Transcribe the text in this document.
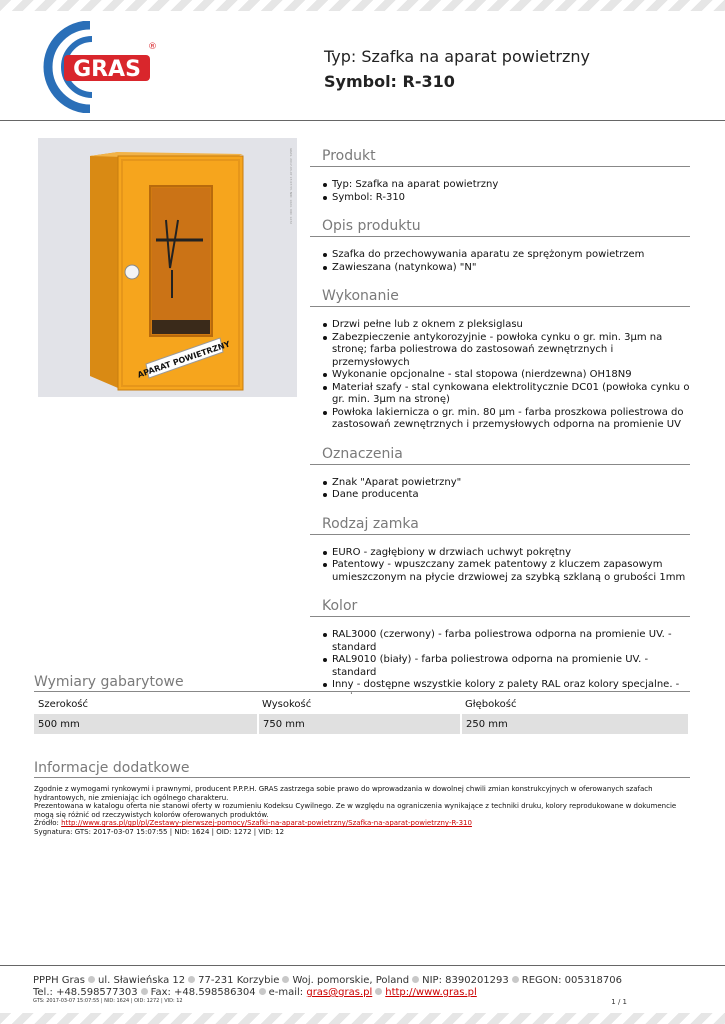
GRAS
®	Typ: Szafka na aparat powietrzny
Symbol: R-310
APARAT POWIETRZNY
GRAS. 2017-03-07 15:07:55. NID: 1624. OID: 1272	Produkt
Typ: Szafka na aparat powietrzny
Symbol: R-310
Opis produktu
Szafka do przechowywania aparatu ze sprężonym powietrzem
Zawieszana (natynkowa) "N"
Wykonanie
Drzwi pełne lub z oknem z pleksiglasu
Zabezpieczenie antykorozyjnie - powłoka cynku o gr. min. 3µm na stronę; farba poliestrowa do zastosowań zewnętrznych i przemysłowych
Wykonanie opcjonalne - stal stopowa (nierdzewna) OH18N9
Materiał szafy - stal cynkowana elektrolitycznie DC01 (powłoka cynku o gr. min. 3µm na stronę)
Powłoka lakiernicza o gr. min. 80 µm - farba proszkowa poliestrowa do zastosowań zewnętrznych i przemysłowych odporna na promienie UV
Oznaczenia
Znak "Aparat powietrzny"
Dane producenta
Rodzaj zamka
EURO - zagłębiony w drzwiach uchwyt pokrętny
Patentowy - wpuszczany zamek patentowy z kluczem zapasowym umieszczonym na płycie drzwiowej za szybką szklaną o grubości 1mm
Kolor
RAL3000 (czerwony) - farba poliestrowa odporna na promienie UV. - standard
RAL9010 (biały) - farba poliestrowa odporna na promienie UV. - standard
Inny - dostępne wszystkie kolory z palety RAL oraz kolory specjalne. -
Wymiary gabarytowe
Szerokość	Wysokość	Głębokość
500 mm	750 mm	250 mm
Informacje dodatkowe
Zgodnie z wymogami rynkowymi i prawnymi, producent P.P.P.H. GRAS zastrzega sobie prawo do wprowadzania w dowolnej chwili zmian konstrukcyjnych w oferowanych szafach hydrantowych, nie zmieniając ich ogólnego charakteru.
Prezentowana w katalogu oferta nie stanowi oferty w rozumieniu Kodeksu Cywilnego. Ze w względu na ograniczenia wynikające z techniki druku, kolory reprodukowane w dokumencie mogą się różnić od rzeczywistych kolorów oferowanych produktów.
Źródło: http://www.gras.pl/gpl/pl/Zestawy-pierwszej-pomocy/Szafki-na-aparat-powietrzny/Szafka-na-aparat-powietrzny-R-310
Sygnatura: GTS: 2017-03-07 15:07:55 | NID: 1624 | OID: 1272 | VID: 12
PPPH Gras ul. Sławieńska 12 77-231 Korzybie Woj. pomorskie, Poland NIP: 8390201293 REGON: 005318706
Tel.: +48.598577303 Fax: +48.598586304 e-mail: gras@gras.pl http://www.gras.pl
GTS: 2017-03-07 15:07:55 | NID: 1624 | OID: 1272 | VID: 12	1 / 1
